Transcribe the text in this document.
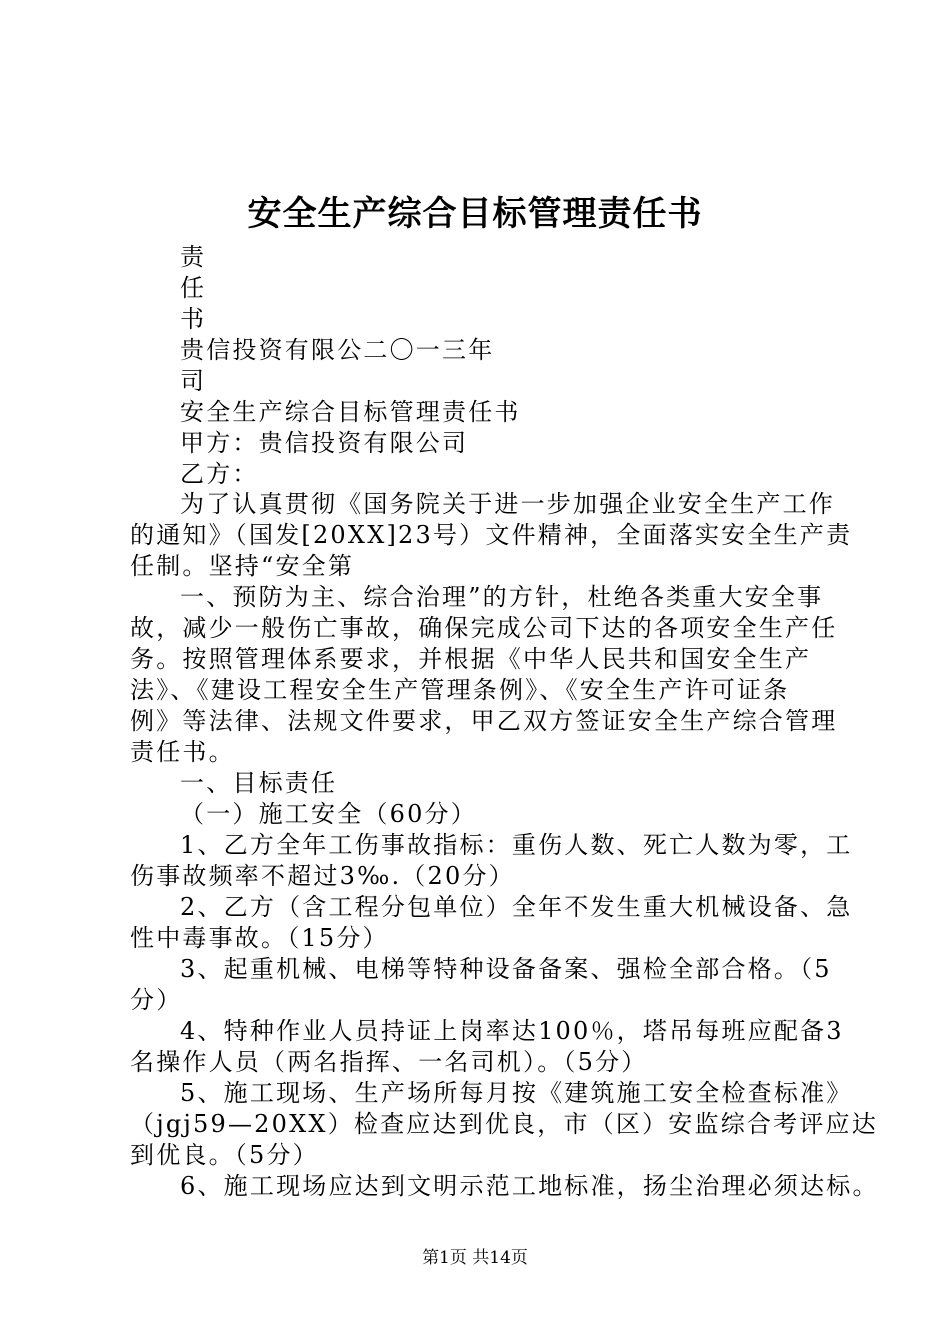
安全生产综合目标管理责任书
责
任
书
贵信投资有限公二〇一三年
司
安全生产综合目标管理责任书
甲方：贵信投资有限公司
乙方：
为了认真贯彻《国务院关于进一步加强企业安全生产工作
的通知》（国发[20XX]23号）文件精神，全面落实安全生产责
任制。坚持“安全第
一、预防为主、综合治理”的方针，杜绝各类重大安全事
故，减少一般伤亡事故，确保完成公司下达的各项安全生产任
务。按照管理体系要求，并根据《中华人民共和国安全生产
法》、《建设工程安全生产管理条例》、《安全生产许可证条
例》等法律、法规文件要求，甲乙双方签证安全生产综合管理
责任书。
一、目标责任
（一）施工安全（60分）
1、乙方全年工伤事故指标：重伤人数、死亡人数为零，工
伤事故频率不超过3‰.（20分）
2、乙方（含工程分包单位）全年不发生重大机械设备、急
性中毒事故。（15分）
3、起重机械、电梯等特种设备备案、强检全部合格。（5
分）
4、特种作业人员持证上岗率达100％，塔吊每班应配备3
名操作人员（两名指挥、一名司机）。（5分）
5、施工现场、生产场所每月按《建筑施工安全检查标准》
（jgj59—20XX）检查应达到优良，市（区）安监综合考评应达
到优良。（5分）
6、施工现场应达到文明示范工地标准，扬尘治理必须达标。
第1页 共14页
